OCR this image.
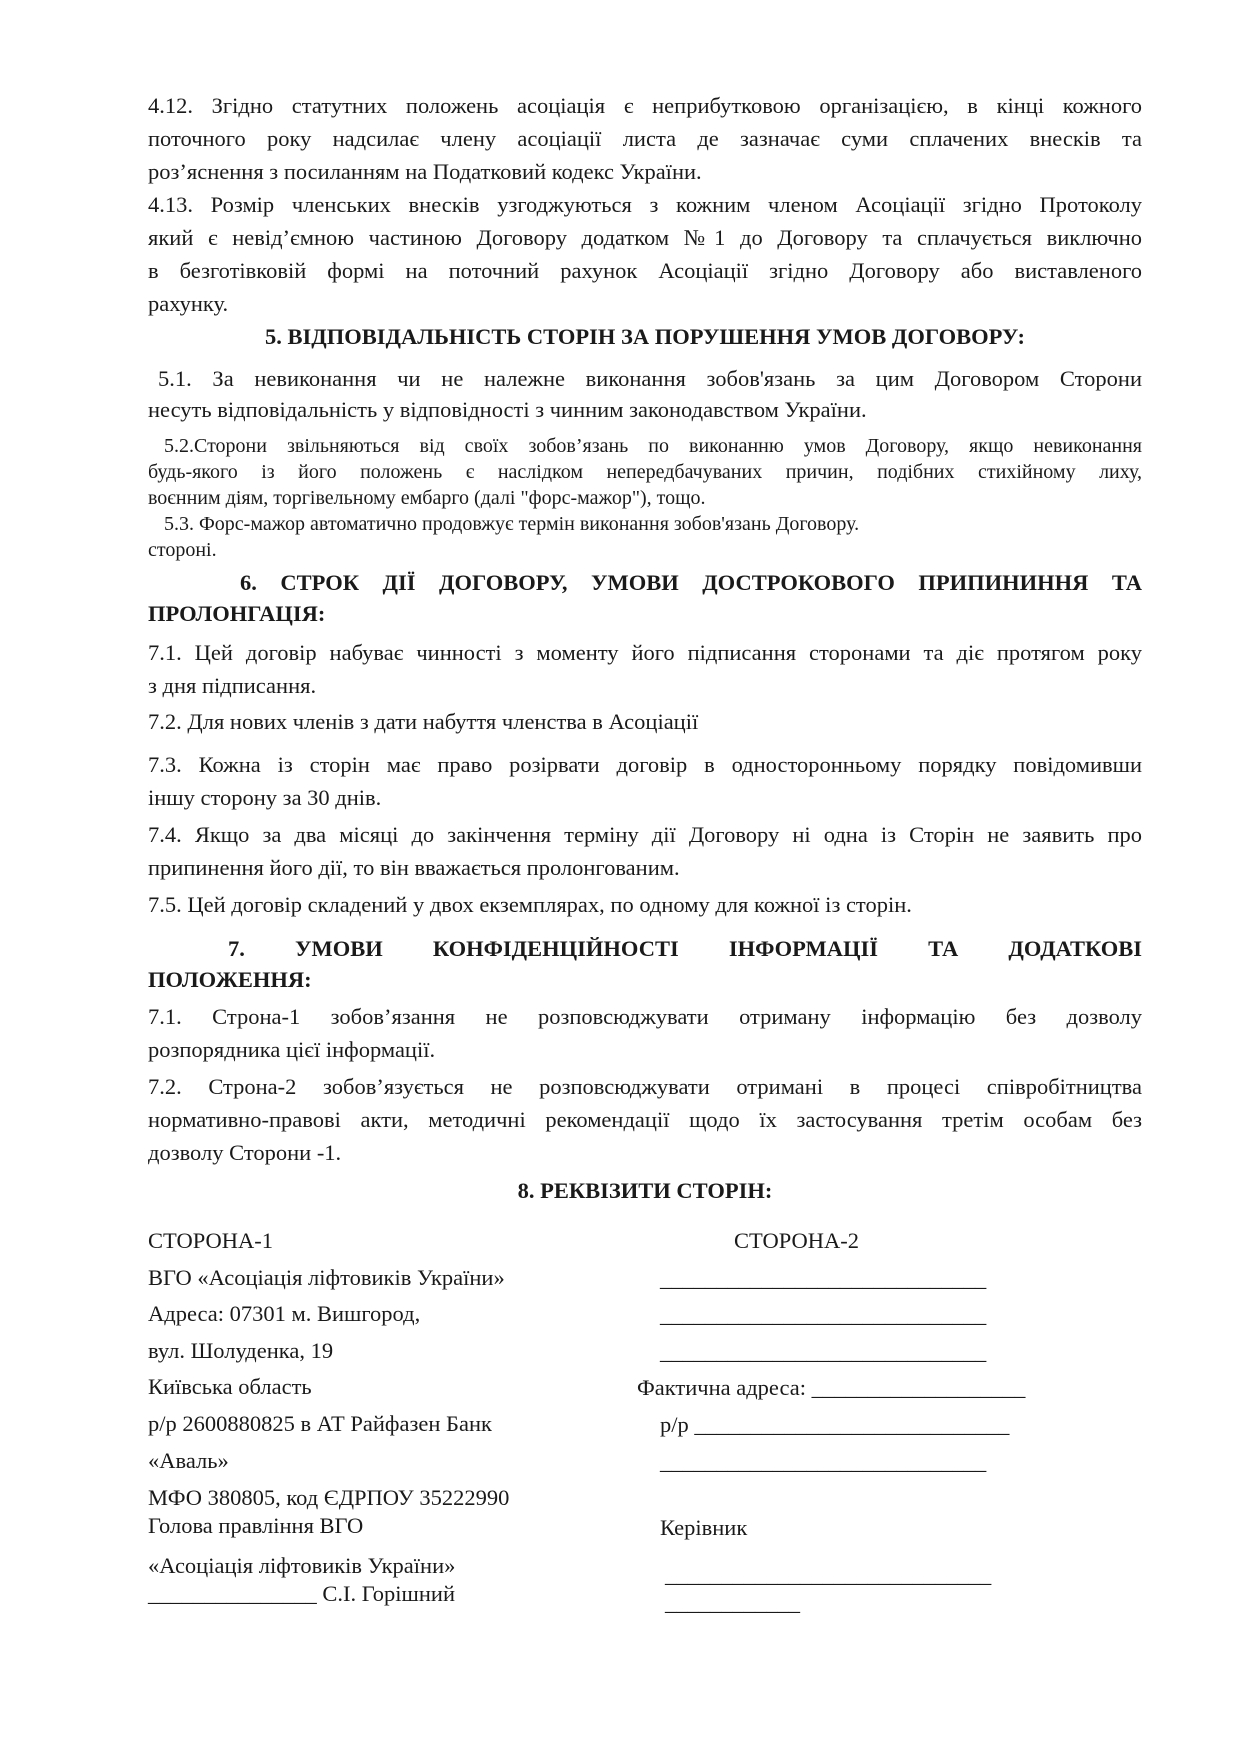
4.12. Згідно статутних положень асоціація є неприбутковою організацією, в кінці кожного
поточного року надсилає члену асоціації листа де зазначає суми сплачених внесків та
роз’яснення з посиланням на Податковий кодекс України.
4.13. Розмір членських внесків узгоджуються з кожним членом Асоціації згідно Протоколу
який є невід’ємною частиною Договору додатком №1 до Договору та сплачується виключно
в безготівковій формі на поточний рахунок Асоціації згідно Договору або виставленого
рахунку.
5. ВІДПОВІДАЛЬНІСТЬ СТОРІН ЗА ПОРУШЕННЯ УМОВ ДОГОВОРУ:
5.1. За невиконання чи не належне виконання зобов'язань за цим Договором Сторони
несуть відповідальність у відповідності з чинним законодавством України.
5.2.Сторони звільняються від своїх зобов’язань по виконанню умов Договору, якщо невиконання
будь-якого із його положень є наслідком непередбачуваних причин, подібних стихійному лиху,
воєнним діям, торгівельному ембарго (далі "форс-мажор"), тощо.
5.3. Форс-мажор автоматично продовжує термін виконання зобов'язань Договору.
стороні.
6. СТРОК ДІЇ ДОГОВОРУ, УМОВИ ДОСТРОКОВОГО ПРИПИНИННЯ ТА
ПРОЛОНГАЦІЯ:
7.1. Цей договір набуває чинності з моменту його підписання сторонами та діє протягом року
з дня підписання.
7.2. Для нових членів з дати набуття членства в Асоціації
7.3. Кожна із сторін має право розірвати договір в односторонньому порядку повідомивши
іншу сторону за 30 днів.
7.4. Якщо за два місяці до закінчення терміну дії Договору ні одна із Сторін не заявить про
припинення його дії, то він вважається пролонгованим.
7.5. Цей договір складений у двох екземплярах, по одному для кожної із сторін.
7. УМОВИ КОНФІДЕНЦІЙНОСТІ ІНФОРМАЦІЇ ТА ДОДАТКОВІ
ПОЛОЖЕННЯ:
7.1. Строна-1 зобов’язання не розповсюджувати отриману інформацію без дозволу
розпорядника цієї інформації.
7.2. Строна-2 зобов’язується не розповсюджувати отримані в процесі співробітництва
нормативно-правові акти, методичні рекомендації щодо їх застосування третім особам без
дозволу Сторони -1.
8. РЕКВІЗИТИ СТОРІН:
СТОРОНА-1
ВГО «Асоціація ліфтовиків України»
Адреса: 07301 м. Вишгород,
вул. Шолуденка, 19
Київська область
р/р 2600880825 в АТ Райфазен Банк
«Аваль»
МФО 380805, код ЄДРПОУ 35222990
Голова правління ВГО
«Асоціація ліфтовиків України»
_______________ С.І. Горішний
СТОРОНА-2
_____________________________
_____________________________
_____________________________
Фактична адреса: ___________________
р/р ____________________________
_____________________________
Керівник
_____________________________
____________
